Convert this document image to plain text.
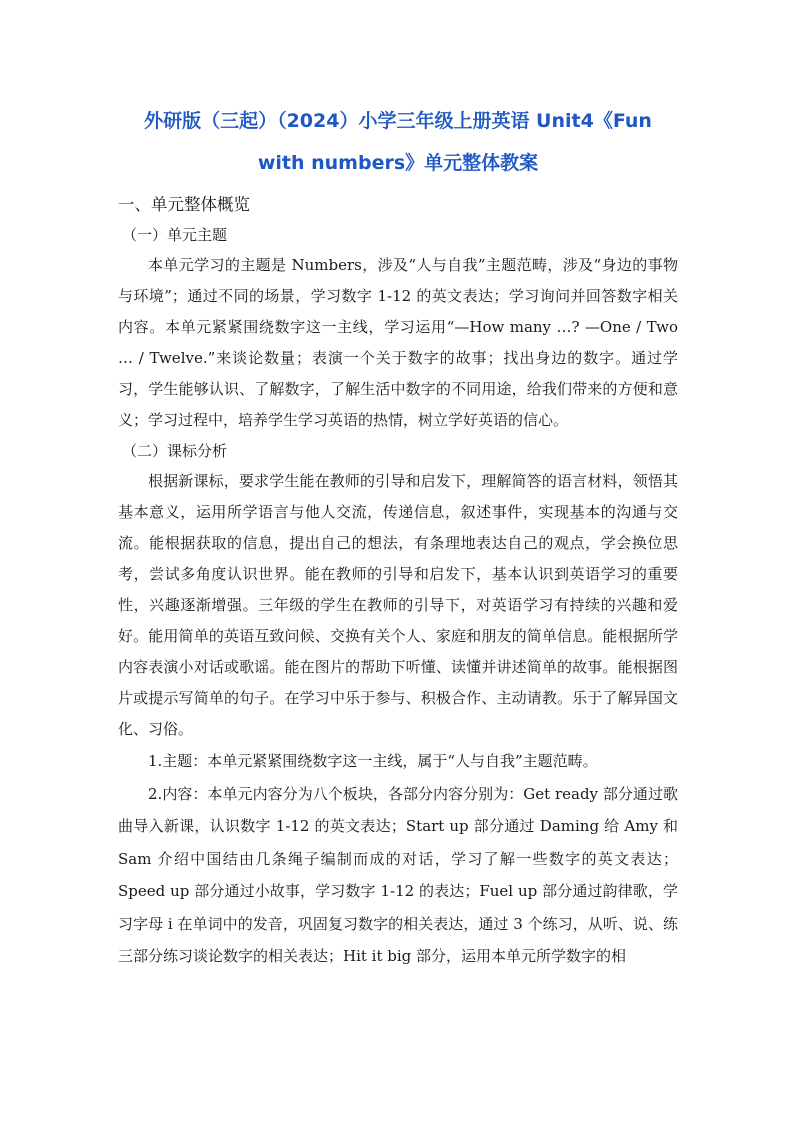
外研版（三起）（2024）小学三年级上册英语 Unit4《Fun
with numbers》单元整体教案

一、单元整体概览

（一）单元主题

本单元学习的主题是 Numbers，涉及“人与自我”主题范畴，涉及“身边的事物与环境”；通过不同的场景，学习数字 1-12 的英文表达；学习询问并回答数字相关内容。本单元紧紧围绕数字这一主线，学习运用“—How many …? —One / Two … / Twelve.”来谈论数量；表演一个关于数字的故事；找出身边的数字。通过学习，学生能够认识、了解数字，了解生活中数字的不同用途，给我们带来的方便和意义；学习过程中，培养学生学习英语的热情，树立学好英语的信心。

（二）课标分析

根据新课标，要求学生能在教师的引导和启发下，理解简答的语言材料，领悟其基本意义，运用所学语言与他人交流，传递信息，叙述事件，实现基本的沟通与交流。能根据获取的信息，提出自己的想法，有条理地表达自己的观点，学会换位思考，尝试多角度认识世界。能在教师的引导和启发下，基本认识到英语学习的重要性，兴趣逐渐增强。三年级的学生在教师的引导下，对英语学习有持续的兴趣和爱好。能用简单的英语互致问候、交换有关个人、家庭和朋友的简单信息。能根据所学内容表演小对话或歌谣。能在图片的帮助下听懂、读懂并讲述简单的故事。能根据图片或提示写简单的句子。在学习中乐于参与、积极合作、主动请教。乐于了解异国文化、习俗。

1.主题：本单元紧紧围绕数字这一主线，属于“人与自我”主题范畴。

2.内容：本单元内容分为八个板块，各部分内容分别为：Get ready 部分通过歌曲导入新课，认识数字 1-12 的英文表达；Start up 部分通过 Daming 给 Amy 和 Sam 介绍中国结由几条绳子编制而成的对话，学习了解一些数字的英文表达；Speed up 部分通过小故事，学习数字 1-12 的表达；Fuel up 部分通过韵律歌，学习字母 i 在单词中的发音，巩固复习数字的相关表达，通过 3 个练习，从听、说、练三部分练习谈论数字的相关表达；Hit it big 部分，运用本单元所学数字的相
